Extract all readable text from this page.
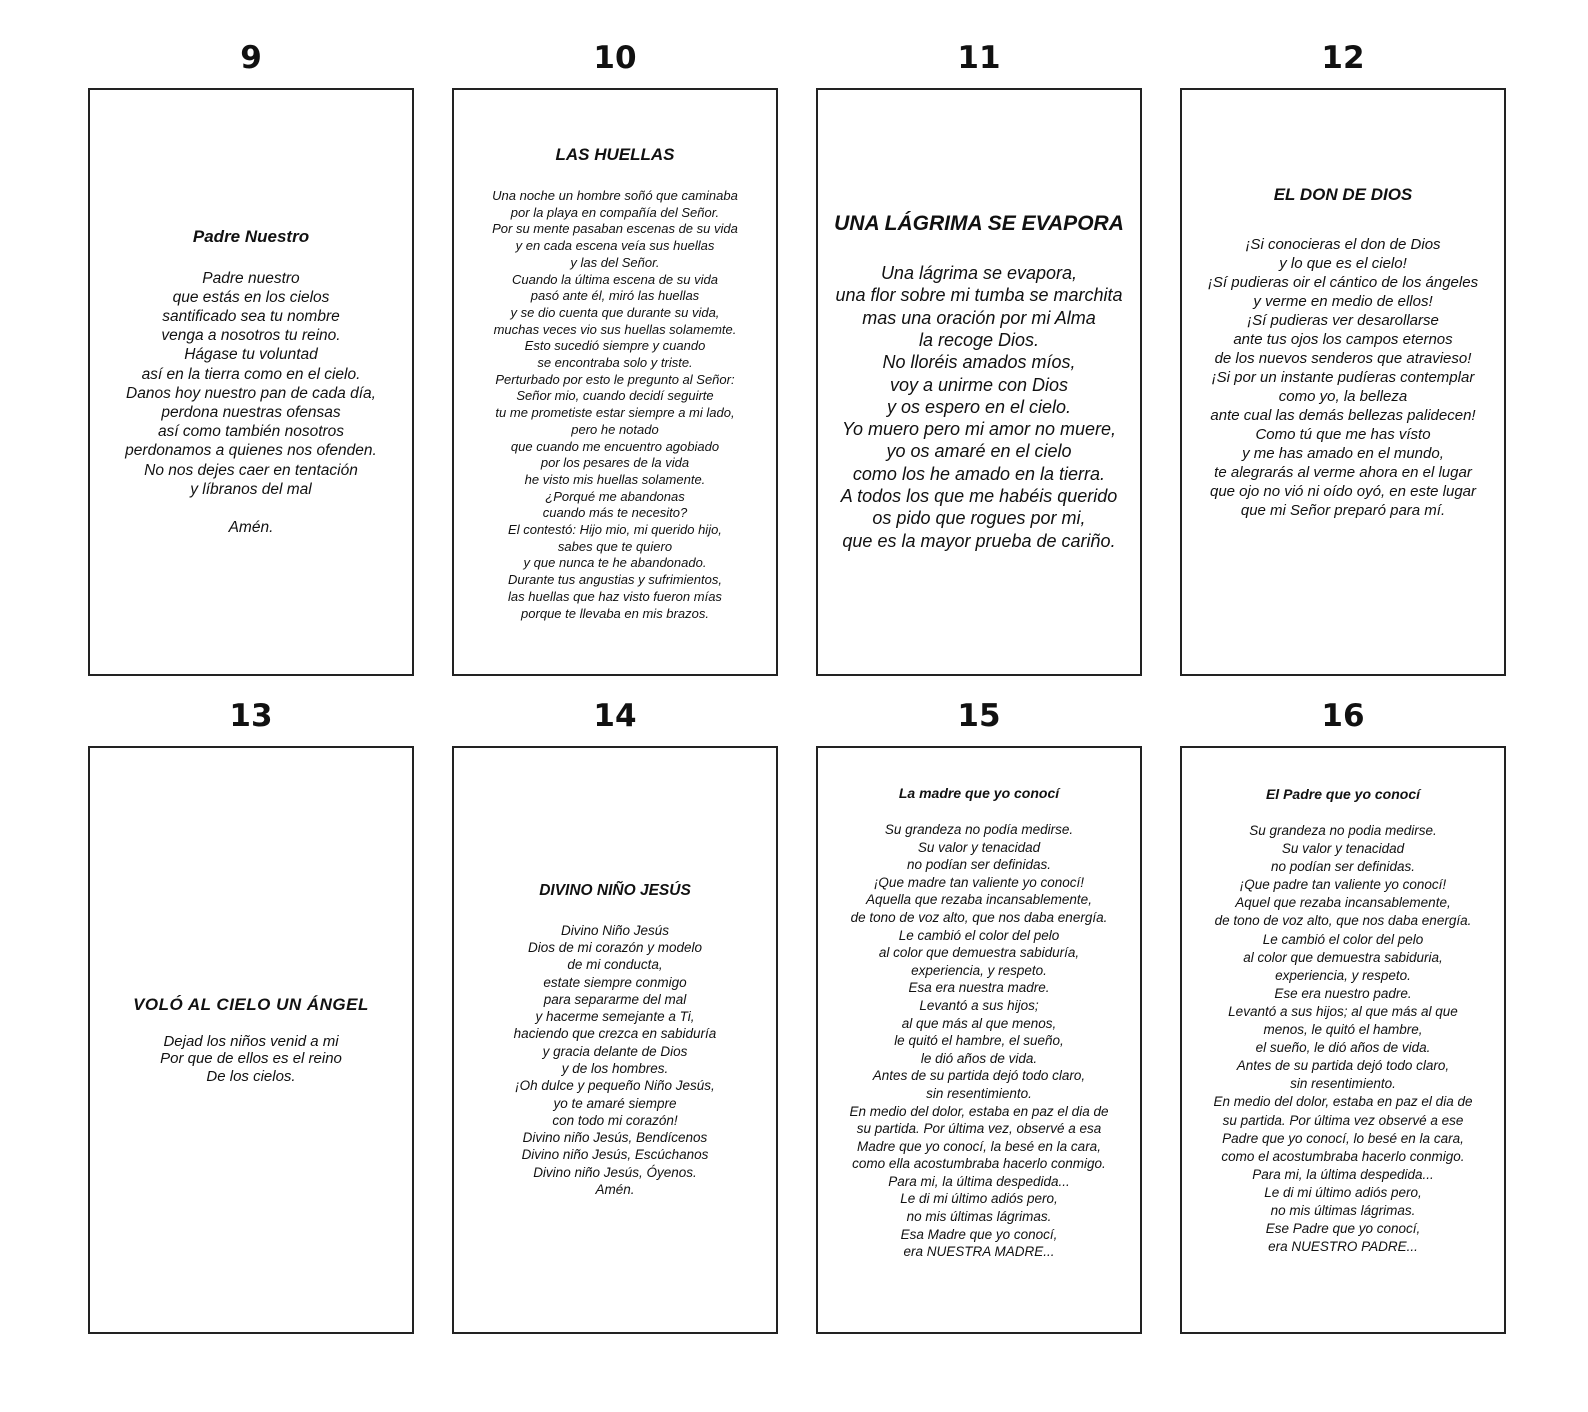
9
Padre Nuestro
Padre nuestro
que estás en los cielos
santificado sea tu nombre
venga a nosotros tu reino.
Hágase tu voluntad
así en la tierra como en el cielo.
Danos hoy nuestro pan de cada día,
perdona nuestras ofensas
así como también nosotros
perdonamos a quienes nos ofenden.
No nos dejes caer en tentación
y líbranos del mal

Amén.
10
LAS HUELLAS
Una noche un hombre soñó que caminaba
por la playa en compañía del Señor.
Por su mente pasaban escenas de su vida
y en cada escena veía sus huellas
y las del Señor.
Cuando la última escena de su vida
pasó ante él, miró las huellas
y se dio cuenta que durante su vida,
muchas veces vio sus huellas solamemte.
Esto sucedió siempre y cuando
se encontraba solo y triste.
Perturbado por esto le pregunto al Señor:
Señor mio, cuando decidí seguirte
tu me prometiste estar siempre a mi lado,
pero he notado
que cuando me encuentro agobiado
por los pesares de la vida
he visto mis huellas solamente.
¿Porqué me abandonas
cuando más te necesito?
El contestó: Hijo mio, mi querido hijo,
sabes que te quiero
y que nunca te he abandonado.
Durante tus angustias y sufrimientos,
las huellas que haz visto fueron mías
porque te llevaba en mis brazos.
11
UNA LÁGRIMA SE EVAPORA
Una lágrima se evapora,
una flor sobre mi tumba se marchita
mas una oración por mi Alma
la recoge Dios.
No lloréis amados míos,
voy a unirme con Dios
y os espero en el cielo.
Yo muero pero mi amor no muere,
yo os amaré en el cielo
como los he amado en la tierra.
A todos los que me habéis querido
os pido que rogues por mi,
que es la mayor prueba de cariño.
12
EL DON DE DIOS
¡Si conocieras el don de Dios
y lo que es el cielo!
¡Sí pudieras oir el cántico de los ángeles
y verme en medio de ellos!
¡Sí pudieras ver desarollarse
ante tus ojos los campos eternos
de los nuevos senderos que atravieso!
¡Si por un instante pudíeras contemplar
como yo, la belleza
ante cual las demás bellezas palidecen!
Como tú que me has vísto
y me has amado en el mundo,
te alegrarás al verme ahora en el lugar
que ojo no vió ni oído oyó, en este lugar
que mi Señor preparó para mí.
13
VOLÓ AL CIELO UN ÁNGEL
Dejad los niños venid a mi
Por que de ellos es el reino
De los cielos.
14
DIVINO NIÑO JESÚS
Divino Niño Jesús
Dios de mi corazón y modelo
de mi conducta,
estate siempre conmigo
para separarme del mal
y hacerme semejante a Ti,
haciendo que crezca en sabiduría
y gracia delante de Dios
y de los hombres.
¡Oh dulce y pequeño Niño Jesús,
yo te amaré siempre
con todo mi corazón!
Divino niño Jesús, Bendícenos
Divino niño Jesús, Escúchanos
Divino niño Jesús, Óyenos.
Amén.
15
La madre que yo conocí
Su grandeza no podía medirse.
Su valor y tenacidad
no podían ser definidas.
¡Que madre tan valiente yo conocí!
Aquella que rezaba incansablemente,
de tono de voz alto, que nos daba energía.
Le cambió el color del pelo
al color que demuestra sabiduría,
experiencia, y respeto.
Esa era nuestra madre.
Levantó a sus hijos;
al que más al que menos,
le quitó el hambre, el sueño,
le dió años de vida.
Antes de su partida dejó todo claro,
sin resentimiento.
En medio del dolor, estaba en paz el dia de
su partida. Por última vez, observé a esa
Madre que yo conocí, la besé en la cara,
como ella acostumbraba hacerlo conmigo.
Para mi, la última despedida...
Le di mi último adiós pero,
no mis últimas lágrimas.
Esa Madre que yo conocí,
era NUESTRA MADRE...
16
El Padre que yo conocí
Su grandeza no podia medirse.
Su valor y tenacidad
no podían ser definidas.
¡Que padre tan valiente yo conocí!
Aquel que rezaba incansablemente,
de tono de voz alto, que nos daba energía.
Le cambió el color del pelo
al color que demuestra sabiduria,
experiencia, y respeto.
Ese era nuestro padre.
Levantó a sus hijos; al que más al que
menos, le quitó el hambre,
el sueño, le dió años de vida.
Antes de su partida dejó todo claro,
sin resentimiento.
En medio del dolor, estaba en paz el dia de
su partida. Por última vez observé a ese
Padre que yo conocí, lo besé en la cara,
como el acostumbraba hacerlo conmigo.
Para mi, la última despedida...
Le di mi último adiós pero,
no mis últimas lágrimas.
Ese Padre que yo conocí,
era NUESTRO PADRE...
